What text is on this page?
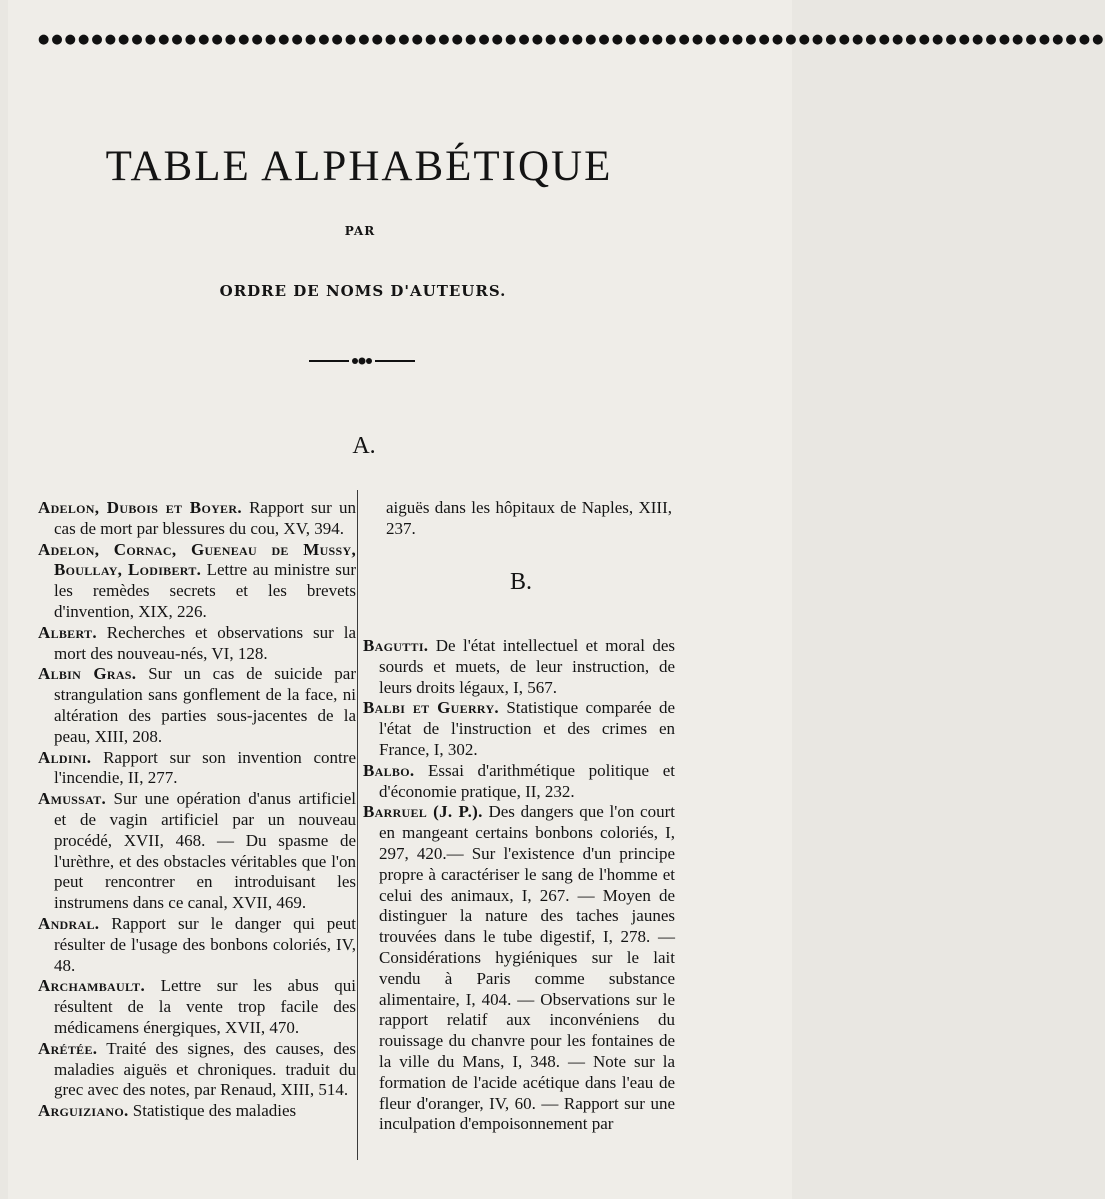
●●●●●●●●●●●●●●●●●●●●●●●●●●●●●●●●●●●●●●●●●●●●●●●●●●●●●●●●●●●●●●●●●●●●●●●●●●●●●●●●
TABLE ALPHABÉTIQUE
PAR
ORDRE DE NOMS D'AUTEURS.
A.

Adelon, Dubois et Boyer. Rapport sur un cas de mort par blessures du cou, XV, 394.

Adelon, Cornac, Gueneau de Mussy, Boullay, Lodibert. Lettre au ministre sur les remèdes secrets et les brevets d'invention, XIX, 226.

Albert. Recherches et observations sur la mort des nouveau-nés, VI, 128.

Albin Gras. Sur un cas de suicide par strangulation sans gonflement de la face, ni altération des parties sous-jacentes de la peau, XIII, 208.

Aldini. Rapport sur son invention contre l'incendie, II, 277.

Amussat. Sur une opération d'anus artificiel et de vagin artificiel par un nouveau procédé, XVII, 468. — Du spasme de l'urèthre, et des obstacles véritables que l'on peut rencontrer en introduisant les instrumens dans ce canal, XVII, 469.

Andral. Rapport sur le danger qui peut résulter de l'usage des bonbons coloriés, IV, 48.

Archambault. Lettre sur les abus qui résultent de la vente trop facile des médicamens énergiques, XVII, 470.

Arétée. Traité des signes, des causes, des maladies aiguës et chroniques. traduit du grec avec des notes, par Renaud, XIII, 514.

Arguiziano. Statistique des maladies

aiguës dans les hôpitaux de Naples, XIII, 237.

B.

Bagutti. De l'état intellectuel et moral des sourds et muets, de leur instruction, de leurs droits légaux, I, 567.

Balbi et Guerry. Statistique comparée de l'état de l'instruction et des crimes en France, I, 302.

Balbo. Essai d'arithmétique politique et d'économie pratique, II, 232.

Barruel (J. P.). Des dangers que l'on court en mangeant certains bonbons coloriés, I, 297, 420.— Sur l'existence d'un principe propre à caractériser le sang de l'homme et celui des animaux, I, 267. — Moyen de distinguer la nature des taches jaunes trouvées dans le tube digestif, I, 278. — Considérations hygiéniques sur le lait vendu à Paris comme substance alimentaire, I, 404. — Observations sur le rapport relatif aux inconvéniens du rouissage du chanvre pour les fontaines de la ville du Mans, I, 348. — Note sur la formation de l'acide acétique dans l'eau de fleur d'oranger, IV, 60. — Rapport sur une inculpation d'empoisonnement par
